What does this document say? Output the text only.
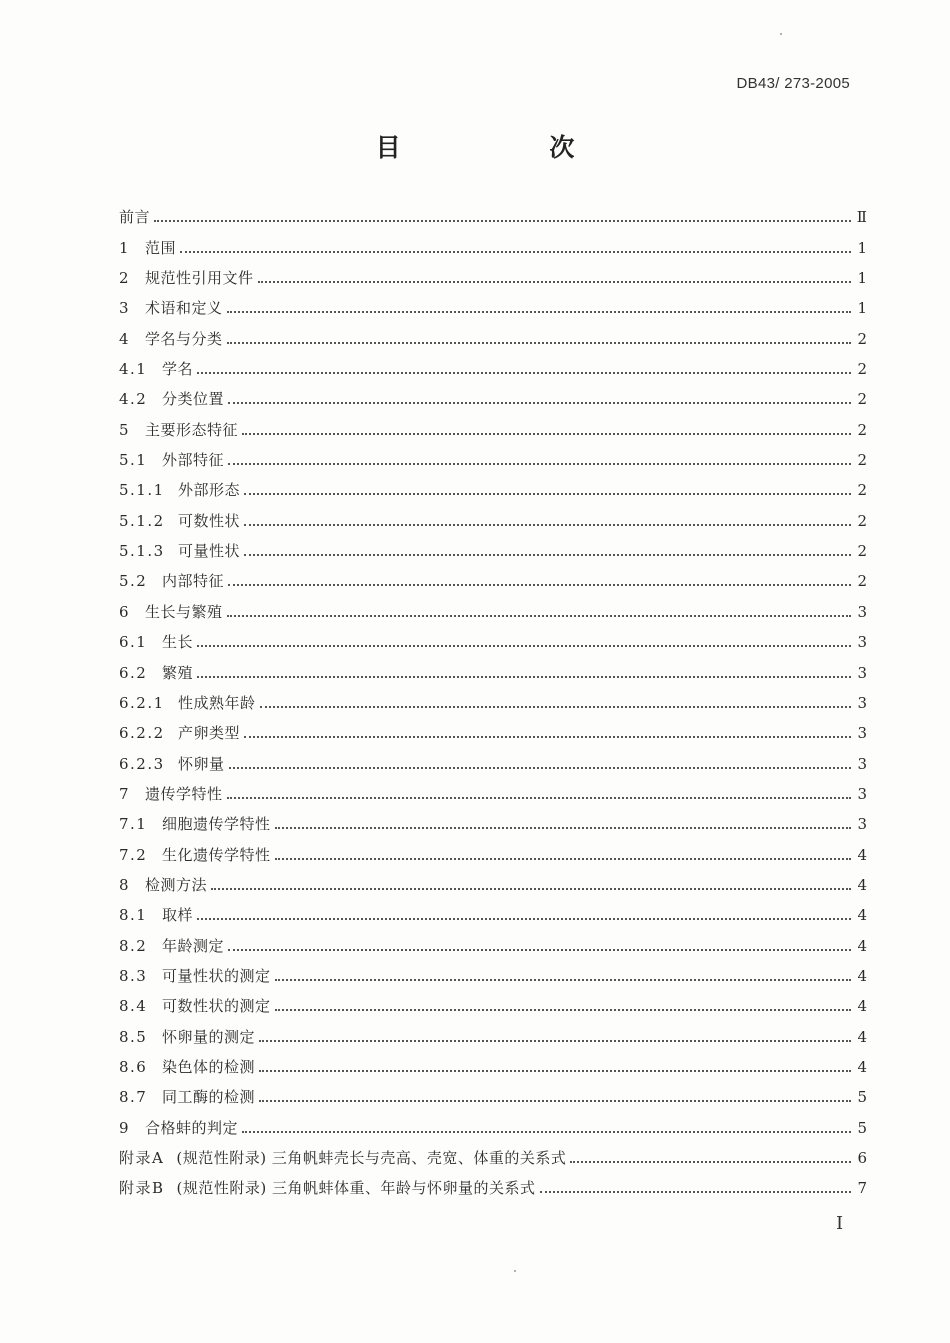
DB43/ 273-2005
目 次
前言	Ⅱ
1 范围	1
2 规范性引用文件	1
3 术语和定义	1
4 学名与分类	2
4.1 学名	2
4.2 分类位置	2
5 主要形态特征	2
5.1 外部特征	2
5.1.1 外部形态	2
5.1.2 可数性状	2
5.1.3 可量性状	2
5.2 内部特征	2
6 生长与繁殖	3
6.1 生长	3
6.2 繁殖	3
6.2.1 性成熟年龄	3
6.2.2 产卵类型	3
6.2.3 怀卵量	3
7 遗传学特性	3
7.1 细胞遗传学特性	3
7.2 生化遗传学特性	4
8 检测方法	4
8.1 取样	4
8.2 年龄测定	4
8.3 可量性状的测定	4
8.4 可数性状的测定	4
8.5 怀卵量的测定	4
8.6 染色体的检测	4
8.7 同工酶的检测	5
9 合格蚌的判定	5
附录A (规范性附录) 三角帆蚌壳长与壳高、壳宽、体重的关系式	6
附录B (规范性附录) 三角帆蚌体重、年龄与怀卵量的关系式	7
Ⅰ
